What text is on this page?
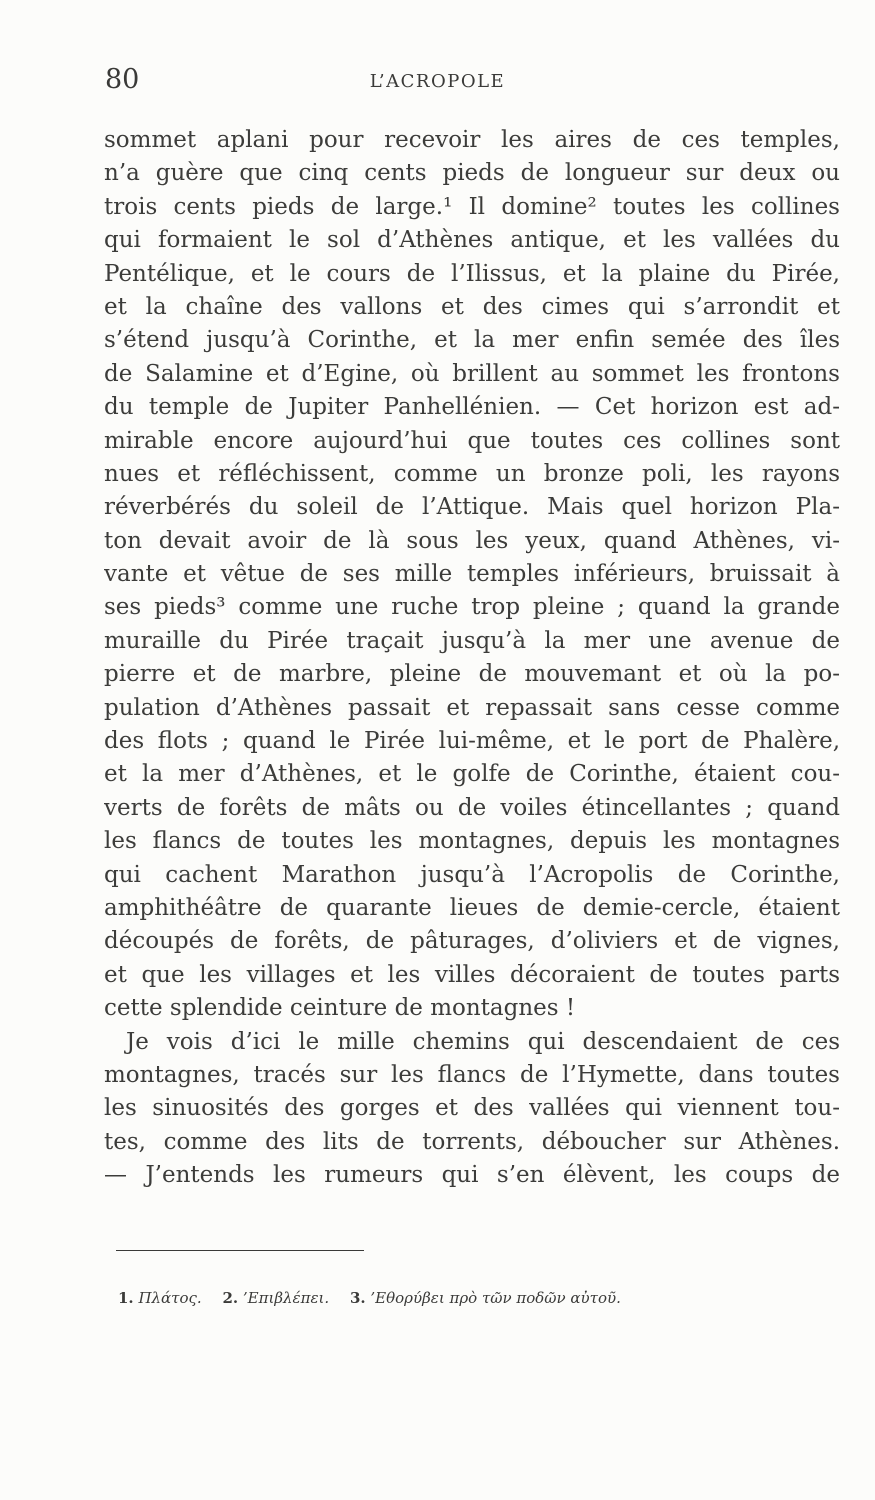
80	L’ACROPOLE
sommet aplani pour recevoir les aires de ces temples,
n’a guère que cinq cents pieds de longueur sur deux ou
trois cents pieds de large.¹ Il domine² toutes les collines
qui formaient le sol d’Athènes antique, et les vallées du
Pentélique, et le cours de l’Ilissus, et la plaine du Pirée,
et la chaîne des vallons et des cimes qui s’arrondit et
s’étend jusqu’à Corinthe, et la mer enfin semée des îles
de Salamine et d’Egine, où brillent au sommet les frontons
du temple de Jupiter Panhellénien. — Cet horizon est ad-
mirable encore aujourd’hui que toutes ces collines sont
nues et réfléchissent, comme un bronze poli, les rayons
réverbérés du soleil de l’Attique. Mais quel horizon Pla-
ton devait avoir de là sous les yeux, quand Athènes, vi-
vante et vêtue de ses mille temples inférieurs, bruissait à
ses pieds³ comme une ruche trop pleine ; quand la grande
muraille du Pirée traçait jusqu’à la mer une avenue de
pierre et de marbre, pleine de mouvemant et où la po-
pulation d’Athènes passait et repassait sans cesse comme
des flots ; quand le Pirée lui-même, et le port de Phalère,
et la mer d’Athènes, et le golfe de Corinthe, étaient cou-
verts de forêts de mâts ou de voiles étincellantes ; quand
les flancs de toutes les montagnes, depuis les montagnes
qui cachent Marathon jusqu’à l’Acropolis de Corinthe,
amphithéâtre de quarante lieues de demie-cercle, étaient
découpés de forêts, de pâturages, d’oliviers et de vignes,
et que les villages et les villes décoraient de toutes parts
cette splendide ceinture de montagnes !
Je vois d’ici le mille chemins qui descendaient de ces
montagnes, tracés sur les flancs de l’Hymette, dans toutes
les sinuosités des gorges et des vallées qui viennent tou-
tes, comme des lits de torrents, déboucher sur Athènes.
— J’entends les rumeurs qui s’en élèvent, les coups de
1. Πλάτος. 2. ’Επιβλέπει. 3. ’Εθορύβει πρὸ τῶν ποδῶν αὐτοῦ.
